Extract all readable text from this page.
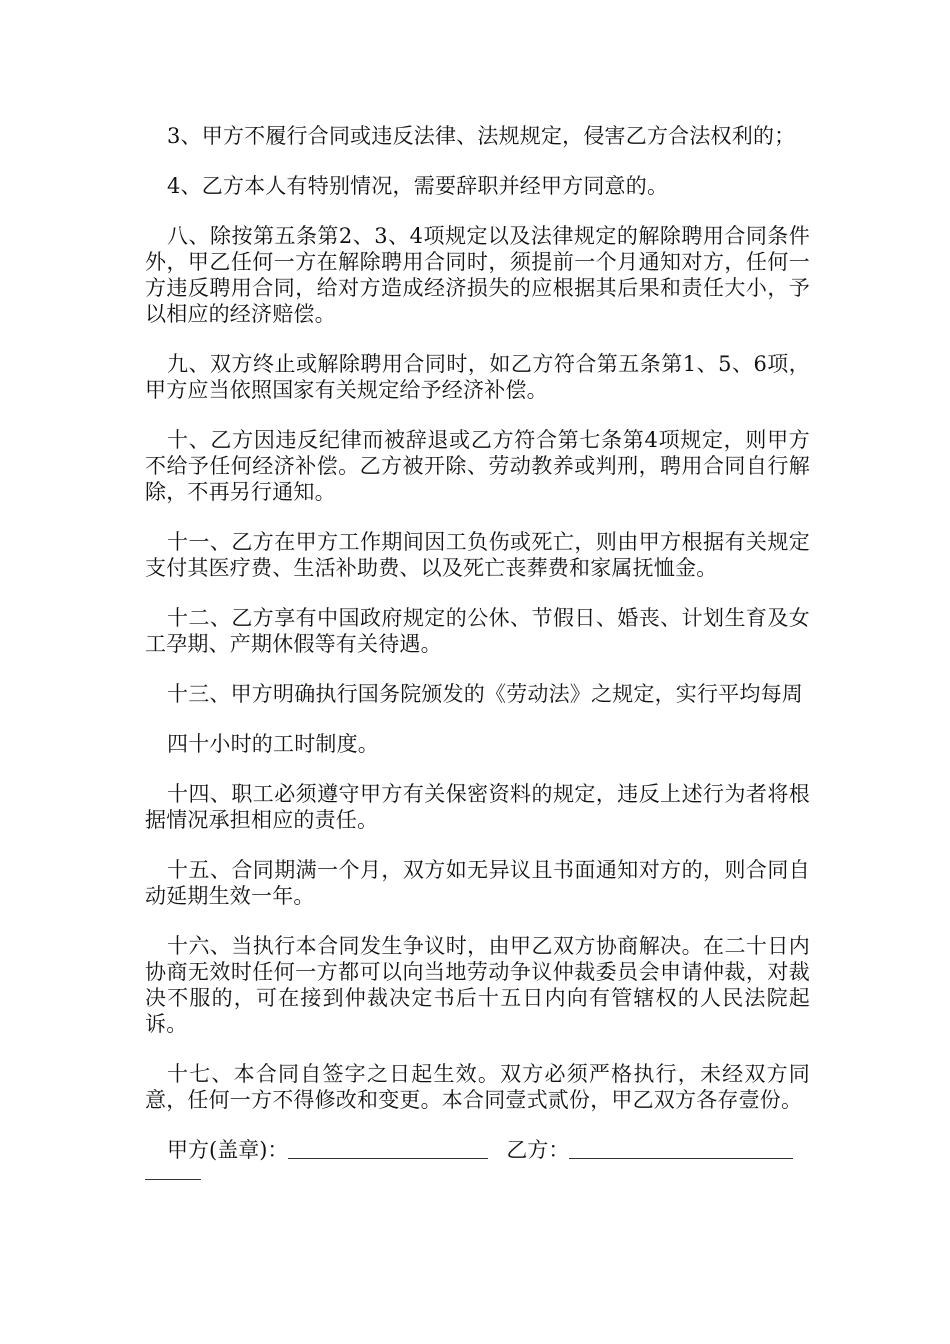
3、甲方不履行合同或违反法律、法规规定，侵害乙方合法权利的；

4、乙方本人有特别情况，需要辞职并经甲方同意的。

八、除按第五条第2、3、4项规定以及法律规定的解除聘用合同条件外，甲乙任何一方在解除聘用合同时，须提前一个月通知对方，任何一方违反聘用合同，给对方造成经济损失的应根据其后果和责任大小，予以相应的经济赔偿。

九、双方终止或解除聘用合同时，如乙方符合第五条第1、5、6项，甲方应当依照国家有关规定给予经济补偿。

十、乙方因违反纪律而被辞退或乙方符合第七条第4项规定，则甲方不给予任何经济补偿。乙方被开除、劳动教养或判刑，聘用合同自行解除，不再另行通知。

十一、乙方在甲方工作期间因工负伤或死亡，则由甲方根据有关规定支付其医疗费、生活补助费、以及死亡丧葬费和家属抚恤金。

十二、乙方享有中国政府规定的公休、节假日、婚丧、计划生育及女工孕期、产期休假等有关待遇。

十三、甲方明确执行国务院颁发的《劳动法》之规定，实行平均每周

四十小时的工时制度。

十四、职工必须遵守甲方有关保密资料的规定，违反上述行为者将根据情况承担相应的责任。

十五、合同期满一个月，双方如无异议且书面通知对方的，则合同自动延期生效一年。

十六、当执行本合同发生争议时，由甲乙双方协商解决。在二十日内协商无效时任何一方都可以向当地劳动争议仲裁委员会申请仲裁，对裁决不服的，可在接到仲裁决定书后十五日内向有管辖权的人民法院起诉。

十七、本合同自签字之日起生效。双方必须严格执行，未经双方同意，任何一方不得修改和变更。本合同壹式贰份，甲乙双方各存壹份。

甲方(盖章)：	乙方：
